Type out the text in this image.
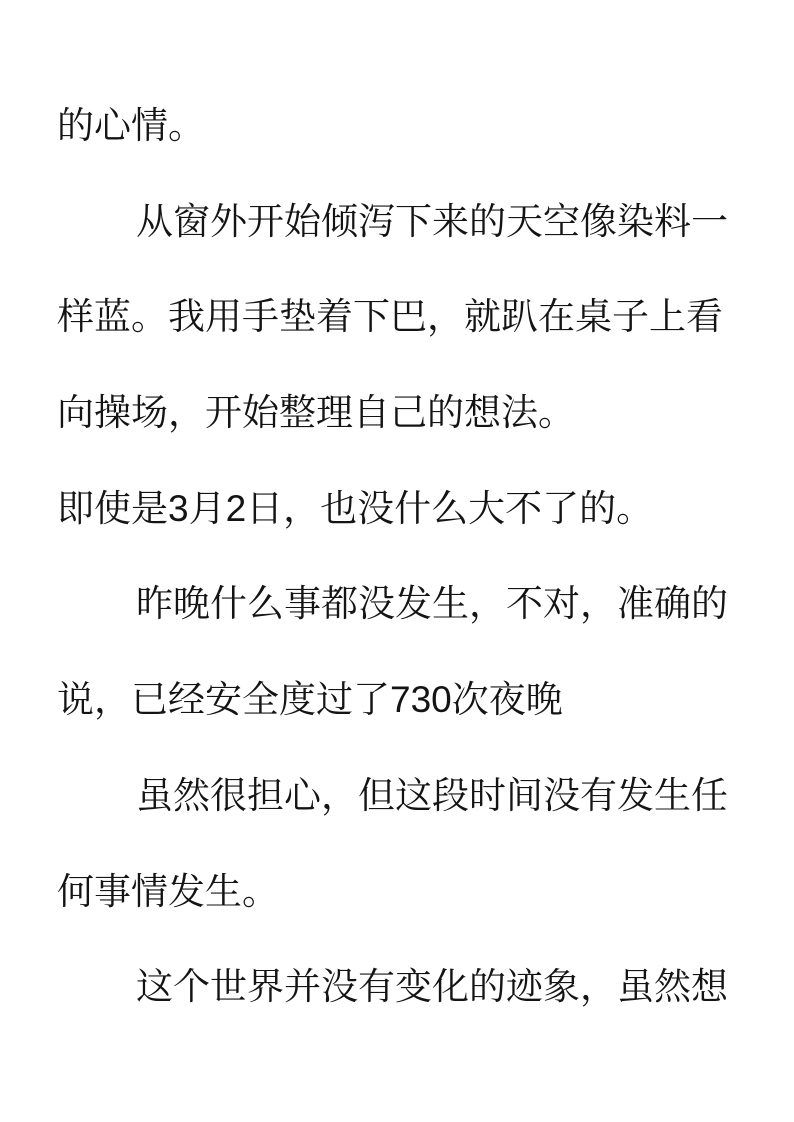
的心情。
从窗外开始倾泻下来的天空像染料一
样蓝。我用手垫着下巴，就趴在桌子上看
向操场，开始整理自己的想法。
即使是3月2日，也没什么大不了的。
昨晚什么事都没发生，不对，准确的
说，已经安全度过了730次夜晚
虽然很担心，但这段时间没有发生任
何事情发生。
这个世界并没有变化的迹象，虽然想
